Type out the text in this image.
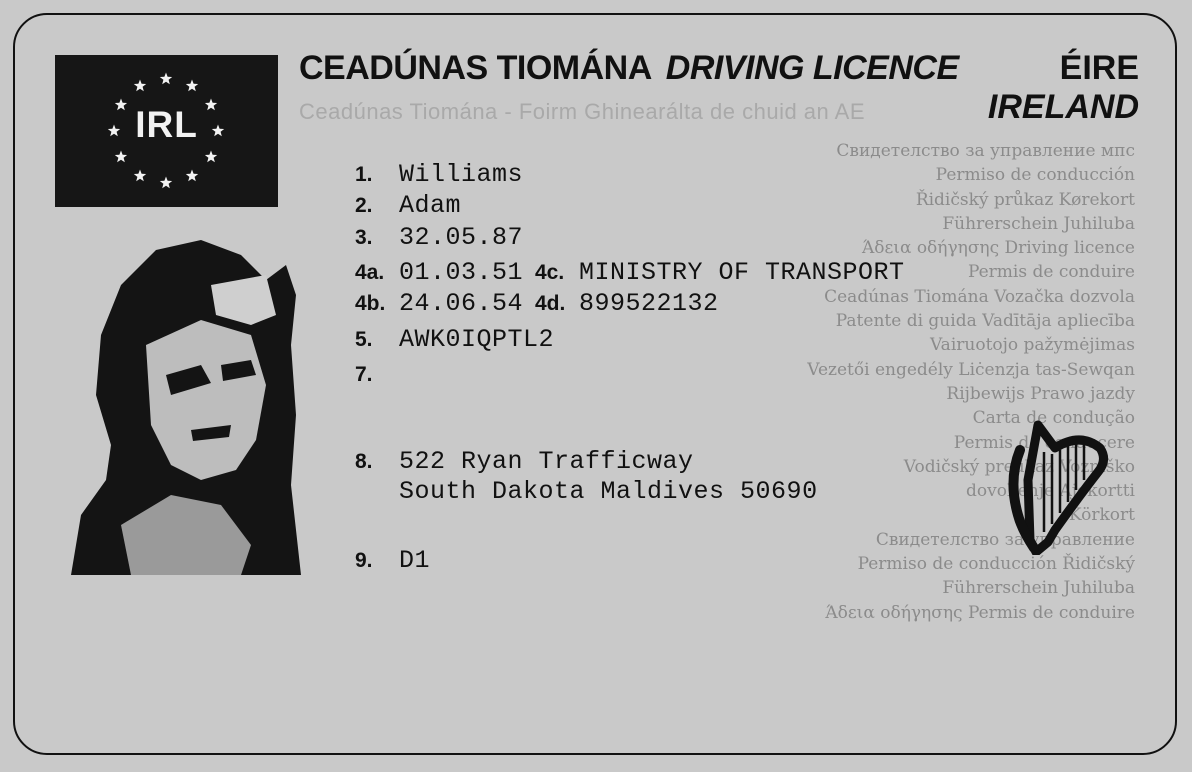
IRL
CEADÚNAS TIOMÁNA DRIVING LICENCE	ÉIRE
IRELAND
Ceadúnas Tiomána - Foirm Ghinearálta de chuid an AE
Свидетелство за управление мпс
Permiso de conducción
Řidičský průkaz Kørekort
Führerschein Juhiluba
Άδεια οδήγησης Driving licence
Permis de conduire
Ceadúnas Tiomána Vozačka dozvola
Patente di guida Vadītāja apliecība
Vairuotojo pažymėjimas
Vezetői engedély Liċenzja tas-Sewqan
Rijbewijs Prawo jazdy
Carta de condução
Permis de conducere
Vodičský preukaz Vozniško
dovoljenje Ajokortti
Körkort
Свидетелство за управление
Permiso de conducción Řidičský
Führerschein Juhiluba
Άδεια οδήγησης Permis de conduire
1. Williams
2. Adam
3. 32.05.87
4a. 01.03.51 4c. MINISTRY OF TRANSPORT
4b. 24.06.54 4d. 899522132
5. AWK0IQPTL2
7.
8. 522 Ryan Trafficway
South Dakota Maldives 50690
9. D1
